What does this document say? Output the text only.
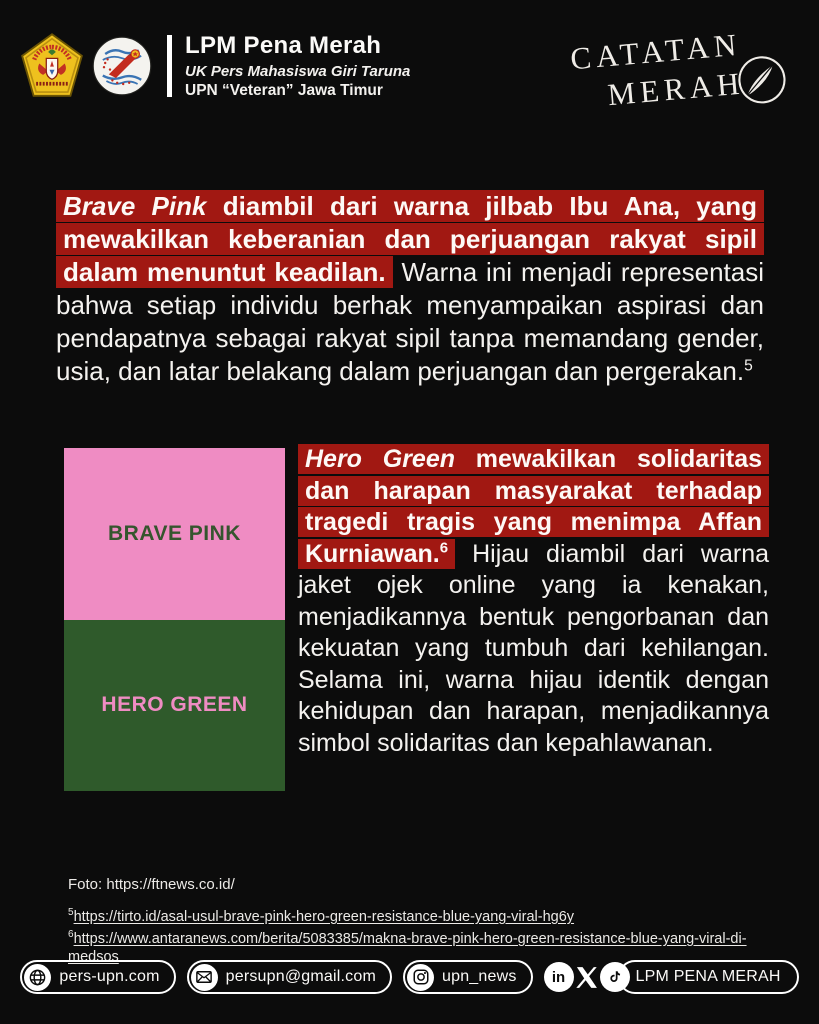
LPM Pena Merah
UK Pers Mahasiswa Giri Taruna
UPN “Veteran” Jawa Timur
CATATAN
MERAH

Brave Pink diambil dari warna jilbab Ibu Ana, yang mewakilkan keberanian dan perjuangan rakyat sipil dalam menuntut keadilan. Warna ini menjadi representasi bahwa setiap individu berhak menyampaikan aspirasi dan pendapatnya sebagai rakyat sipil tanpa memandang gender, usia, dan latar belakang dalam perjuangan dan pergerakan.$^5$

BRAVE PINK
HERO GREEN

Hero Green mewakilkan solidaritas dan harapan masyarakat terhadap tragedi tragis yang menimpa Affan Kurniawan.$^6$ Hijau diambil dari warna jaket ojek online yang ia kenakan, menjadikannya bentuk pengorbanan dan kekuatan yang tumbuh dari kehilangan. Selama ini, warna hijau identik dengan kehidupan dan harapan, menjadikannya simbol solidaritas dan kepahlawanan.

Foto: https://ftnews.co.id/
$^5$https://tirto.id/asal-usul-brave-pink-hero-green-resistance-blue-yang-viral-hg6y
$^6$https://www.antaranews.com/berita/5083385/makna-brave-pink-hero-green-resistance-blue-yang-viral-di-medsos
pers-upn.com	persupn@gmail.com	upn_news in	LPM PENA MERAH
